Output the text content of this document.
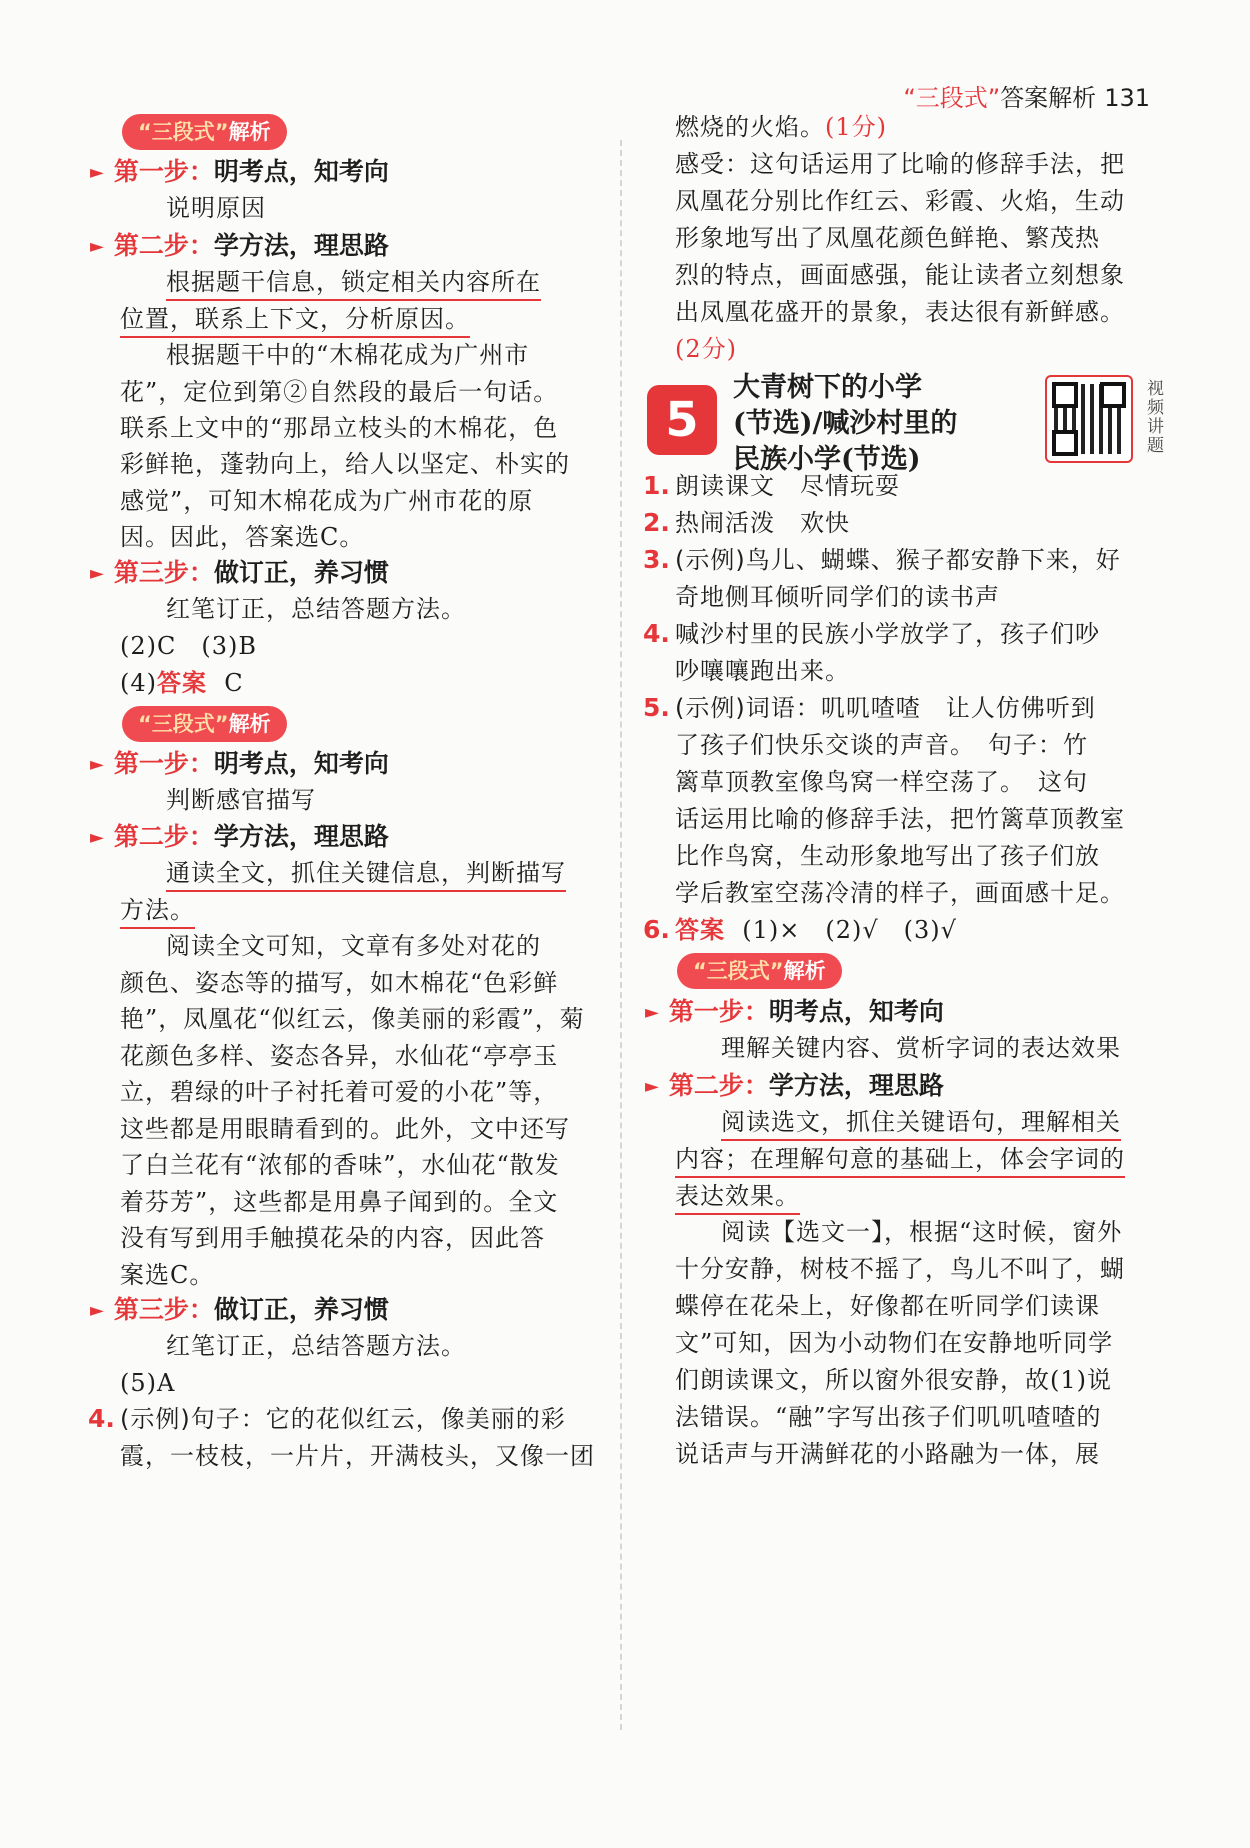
“三段式”答案解析 131
“三段式”解析
► 第一步：明考点，知考向
说明原因
► 第二步：学方法，理思路
根据题干信息，锁定相关内容所在
位置，联系上下文，分析原因。
根据题干中的“木棉花成为广州市
花”，定位到第②自然段的最后一句话。
联系上文中的“那昂立枝头的木棉花，色
彩鲜艳，蓬勃向上，给人以坚定、朴实的
感觉”，可知木棉花成为广州市花的原
因。因此，答案选C。
► 第三步：做订正，养习惯
红笔订正，总结答题方法。
(2)C　(3)B
(4)答案 C
“三段式”解析
► 第一步：明考点，知考向
判断感官描写
► 第二步：学方法，理思路
通读全文，抓住关键信息，判断描写
方法。
阅读全文可知，文章有多处对花的
颜色、姿态等的描写，如木棉花“色彩鲜
艳”，凤凰花“似红云，像美丽的彩霞”，菊
花颜色多样、姿态各异，水仙花“亭亭玉
立，碧绿的叶子衬托着可爱的小花”等，
这些都是用眼睛看到的。此外，文中还写
了白兰花有“浓郁的香味”，水仙花“散发
着芬芳”，这些都是用鼻子闻到的。全文
没有写到用手触摸花朵的内容，因此答
案选C。
► 第三步：做订正，养习惯
红笔订正，总结答题方法。
(5)A
4. (示例)句子：它的花似红云，像美丽的彩
霞，一枝枝，一片片，开满枝头，又像一团
燃烧的火焰。(1分)
感受：这句话运用了比喻的修辞手法，把
凤凰花分别比作红云、彩霞、火焰，生动
形象地写出了凤凰花颜色鲜艳、繁茂热
烈的特点，画面感强，能让读者立刻想象
出凤凰花盛开的景象，表达很有新鲜感。
(2分)
5
大青树下的小学
(节选)/喊沙村里的
民族小学(节选)
视频讲题
1. 朗读课文　尽情玩耍
2. 热闹活泼　欢快
3. (示例)鸟儿、蝴蝶、猴子都安静下来，好
奇地侧耳倾听同学们的读书声
4. 喊沙村里的民族小学放学了，孩子们吵
吵嚷嚷跑出来。
5. (示例)词语：叽叽喳喳　让人仿佛听到
了孩子们快乐交谈的声音。　句子：竹
篱草顶教室像鸟窝一样空荡了。　这句
话运用比喻的修辞手法，把竹篱草顶教室
比作鸟窝，生动形象地写出了孩子们放
学后教室空荡冷清的样子，画面感十足。
6. 答案 (1)×　(2)√　(3)√
“三段式”解析
► 第一步：明考点，知考向
理解关键内容、赏析字词的表达效果
► 第二步：学方法，理思路
阅读选文，抓住关键语句，理解相关
内容；在理解句意的基础上，体会字词的
表达效果。
阅读【选文一】，根据“这时候，窗外
十分安静，树枝不摇了，鸟儿不叫了，蝴
蝶停在花朵上，好像都在听同学们读课
文”可知，因为小动物们在安静地听同学
们朗读课文，所以窗外很安静，故(1)说
法错误。“融”字写出孩子们叽叽喳喳的
说话声与开满鲜花的小路融为一体，展
